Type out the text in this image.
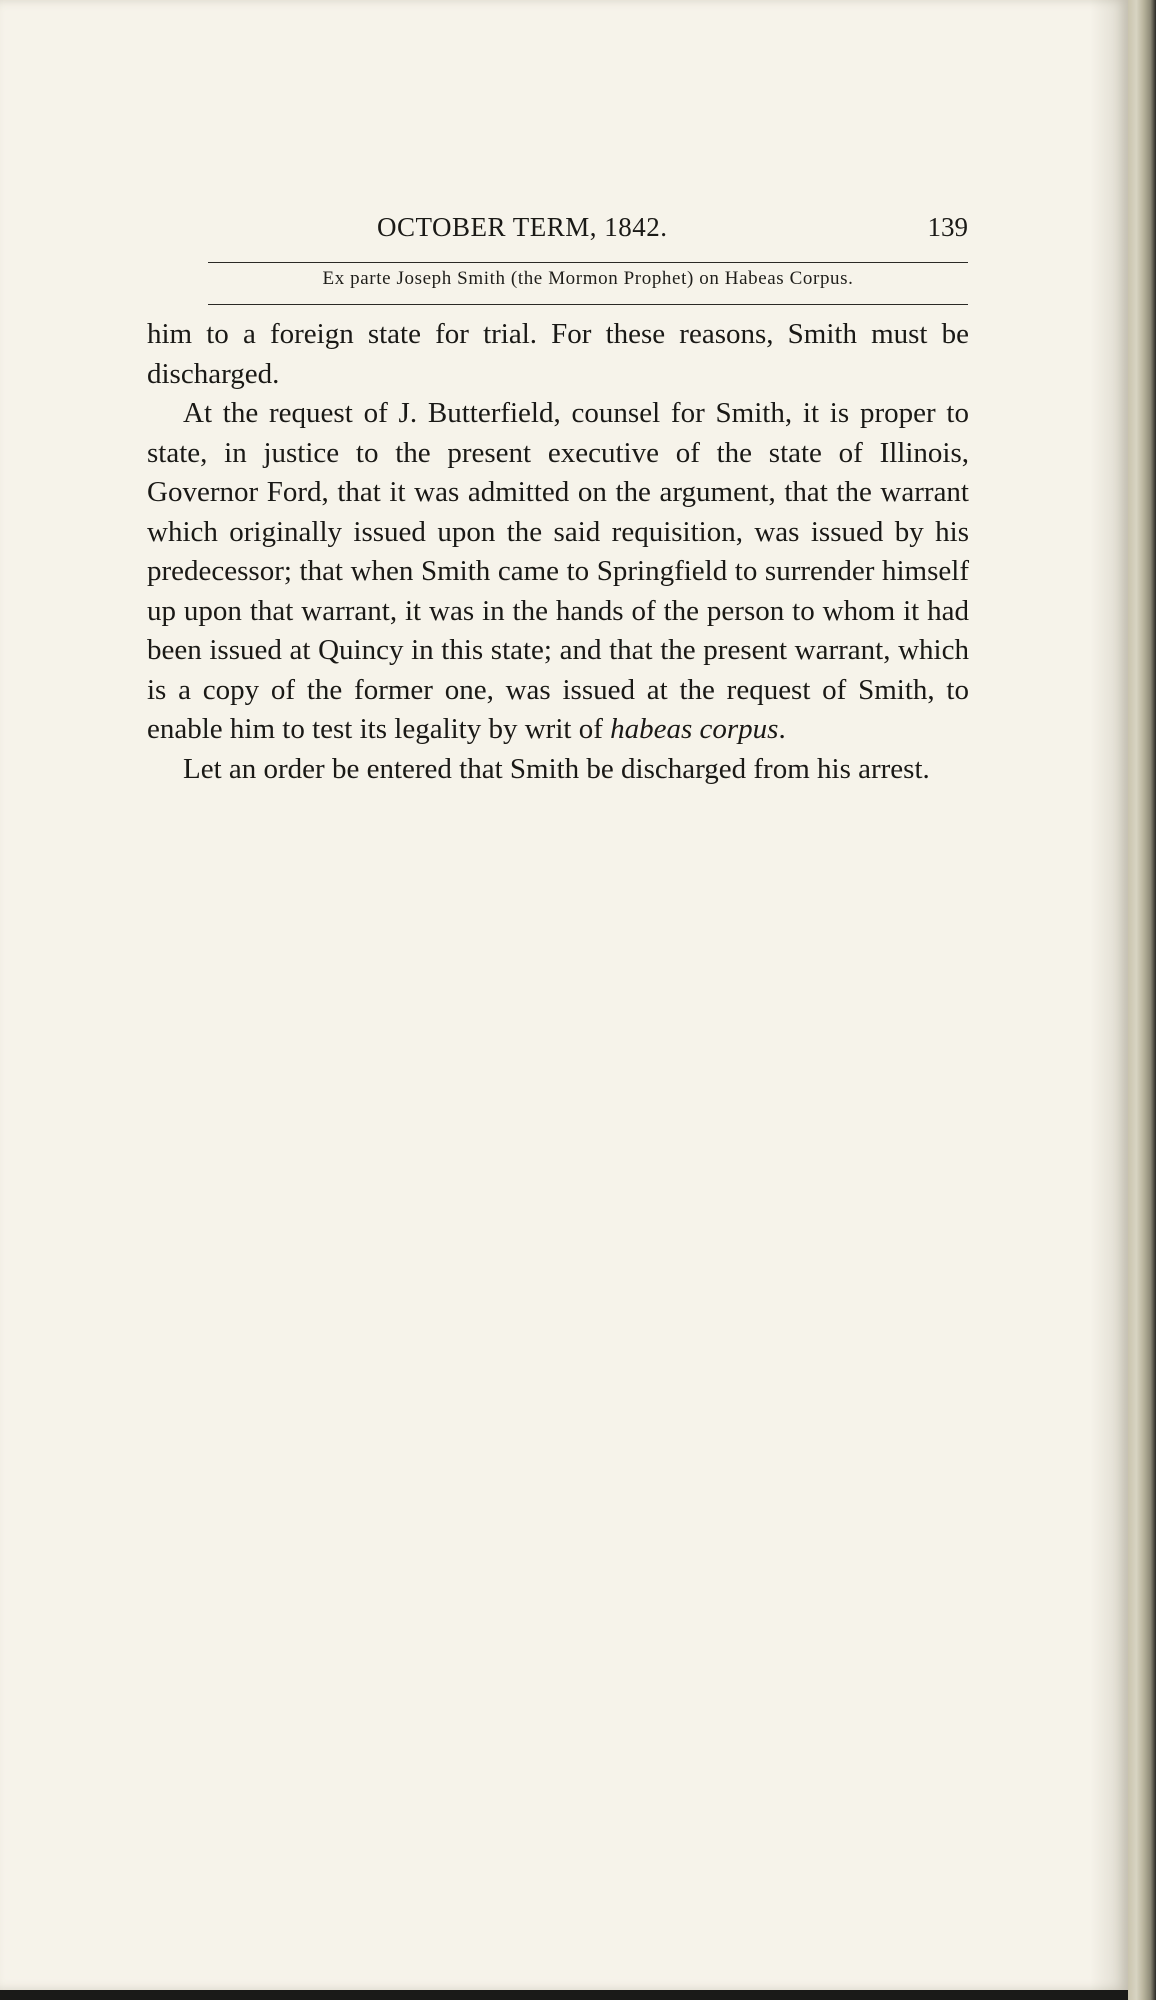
OCTOBER TERM, 1842.	139
Ex parte Joseph Smith (the Mormon Prophet) on Habeas Corpus.

him to a foreign state for trial. For these reasons, Smith must be discharged.

At the request of J. Butterfield, counsel for Smith, it is proper to state, in justice to the present executive of the state of Illinois, Governor Ford, that it was admitted on the argument, that the warrant which originally issued upon the said requisition, was issued by his predecessor; that when Smith came to Springfield to surrender himself up upon that warrant, it was in the hands of the person to whom it had been issued at Quincy in this state; and that the present warrant, which is a copy of the former one, was issued at the request of Smith, to enable him to test its legality by writ of habeas corpus.

Let an order be entered that Smith be discharged from his arrest.
